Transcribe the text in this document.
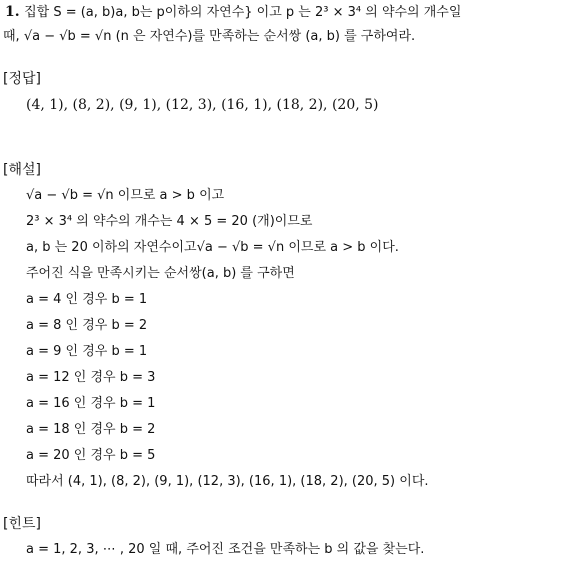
1. 집합 S = (a, b)a, b는 p이하의 자연수} 이고 p 는 2³ × 3⁴ 의 약수의 개수일
때, √a − √b = √n (n 은 자연수)를 만족하는 순서쌍 (a, b) 를 구하여라.
[정답]
(4, 1), (8, 2), (9, 1), (12, 3), (16, 1), (18, 2), (20, 5)
[해설]
√a − √b = √n 이므로 a > b 이고
2³ × 3⁴ 의 약수의 개수는 4 × 5 = 20 (개)이므로
a, b 는 20 이하의 자연수이고√a − √b = √n 이므로 a > b 이다.
주어진 식을 만족시키는 순서쌍(a, b) 를 구하면
a = 4 인 경우 b = 1
a = 8 인 경우 b = 2
a = 9 인 경우 b = 1
a = 12 인 경우 b = 3
a = 16 인 경우 b = 1
a = 18 인 경우 b = 2
a = 20 인 경우 b = 5
따라서 (4, 1), (8, 2), (9, 1), (12, 3), (16, 1), (18, 2), (20, 5) 이다.
[힌트]
a = 1, 2, 3, ⋯ , 20 일 때, 주어진 조건을 만족하는 b 의 값을 찾는다.
